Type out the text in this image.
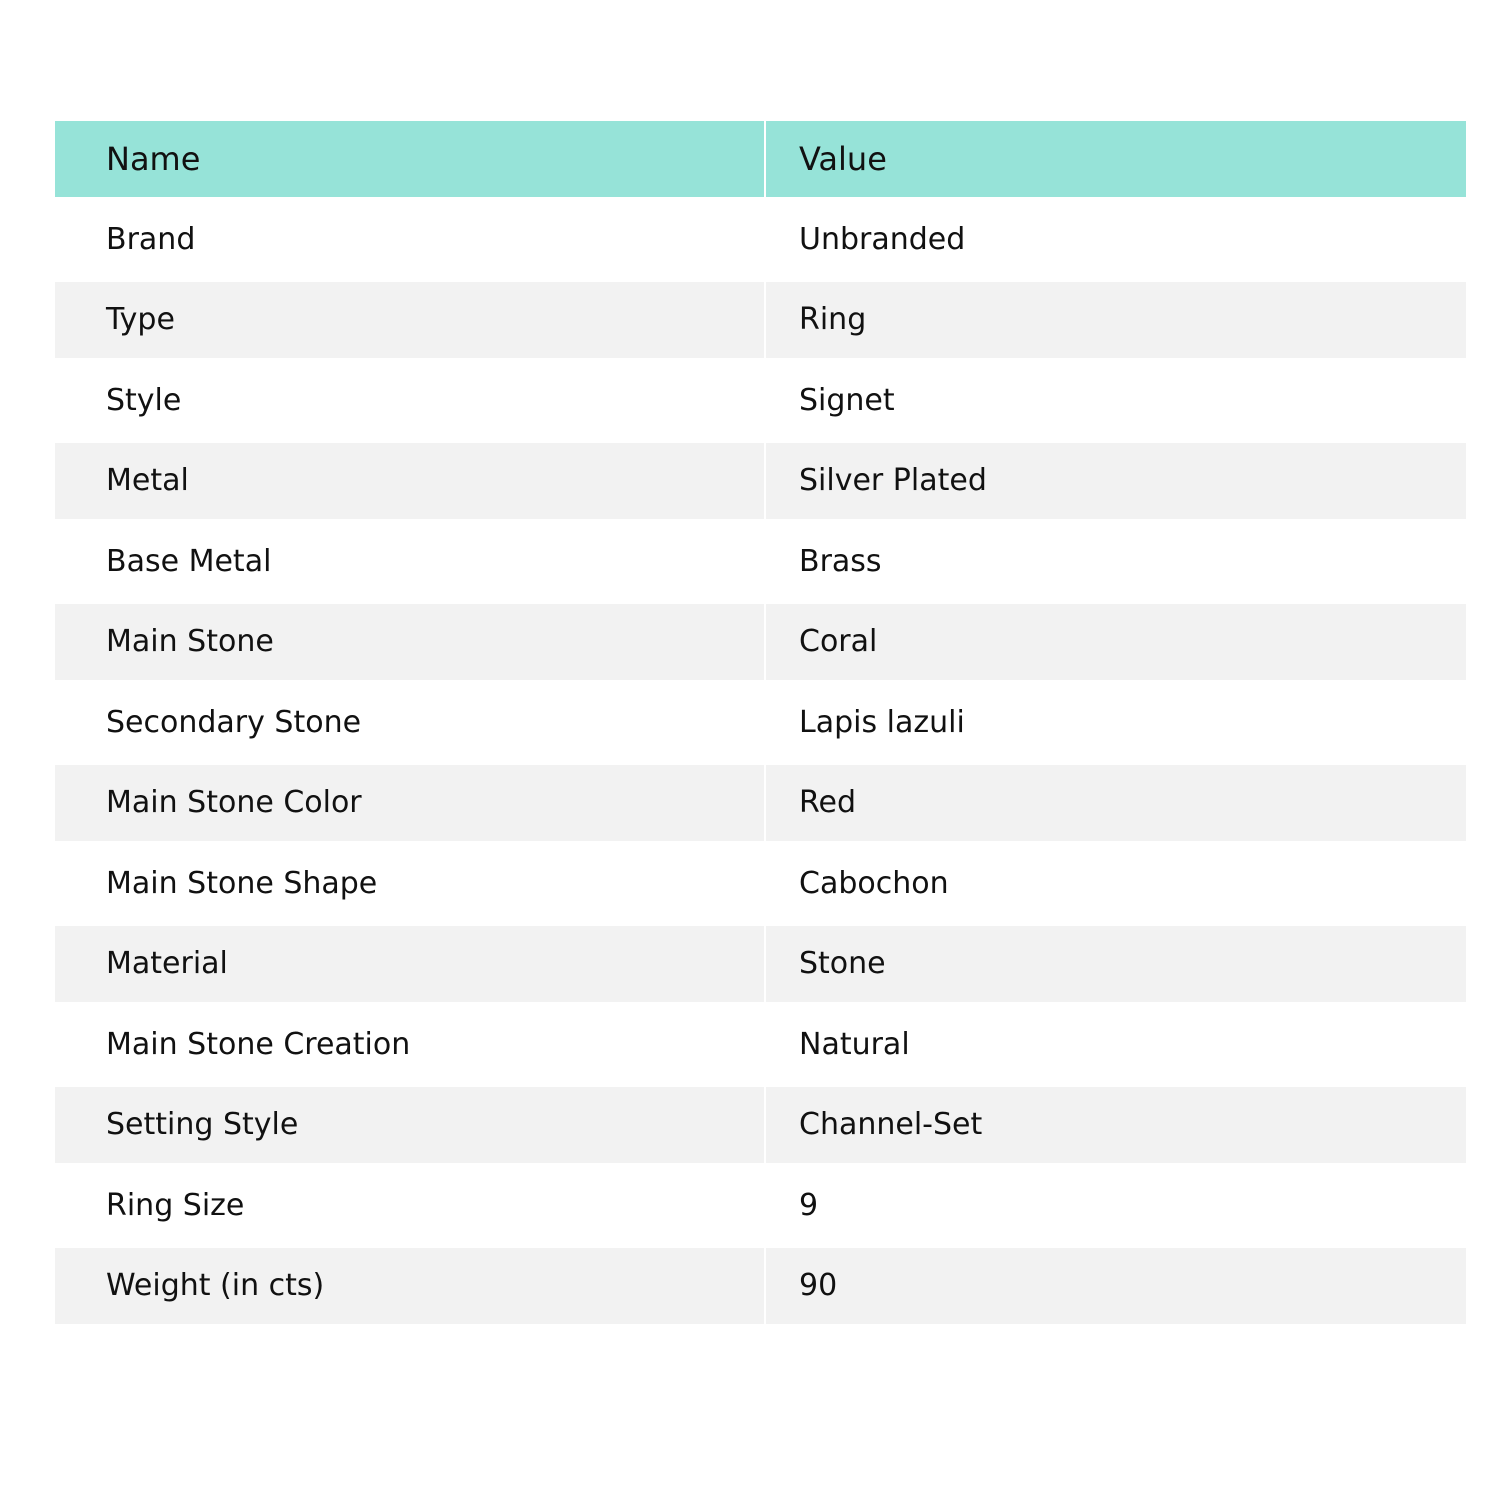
Name	Value
Brand	Unbranded
Type	Ring
Style	Signet
Metal	Silver Plated
Base Metal	Brass
Main Stone	Coral
Secondary Stone	Lapis lazuli
Main Stone Color	Red
Main Stone Shape	Cabochon
Material	Stone
Main Stone Creation	Natural
Setting Style	Channel-Set
Ring Size	9
Weight (in cts)	90
